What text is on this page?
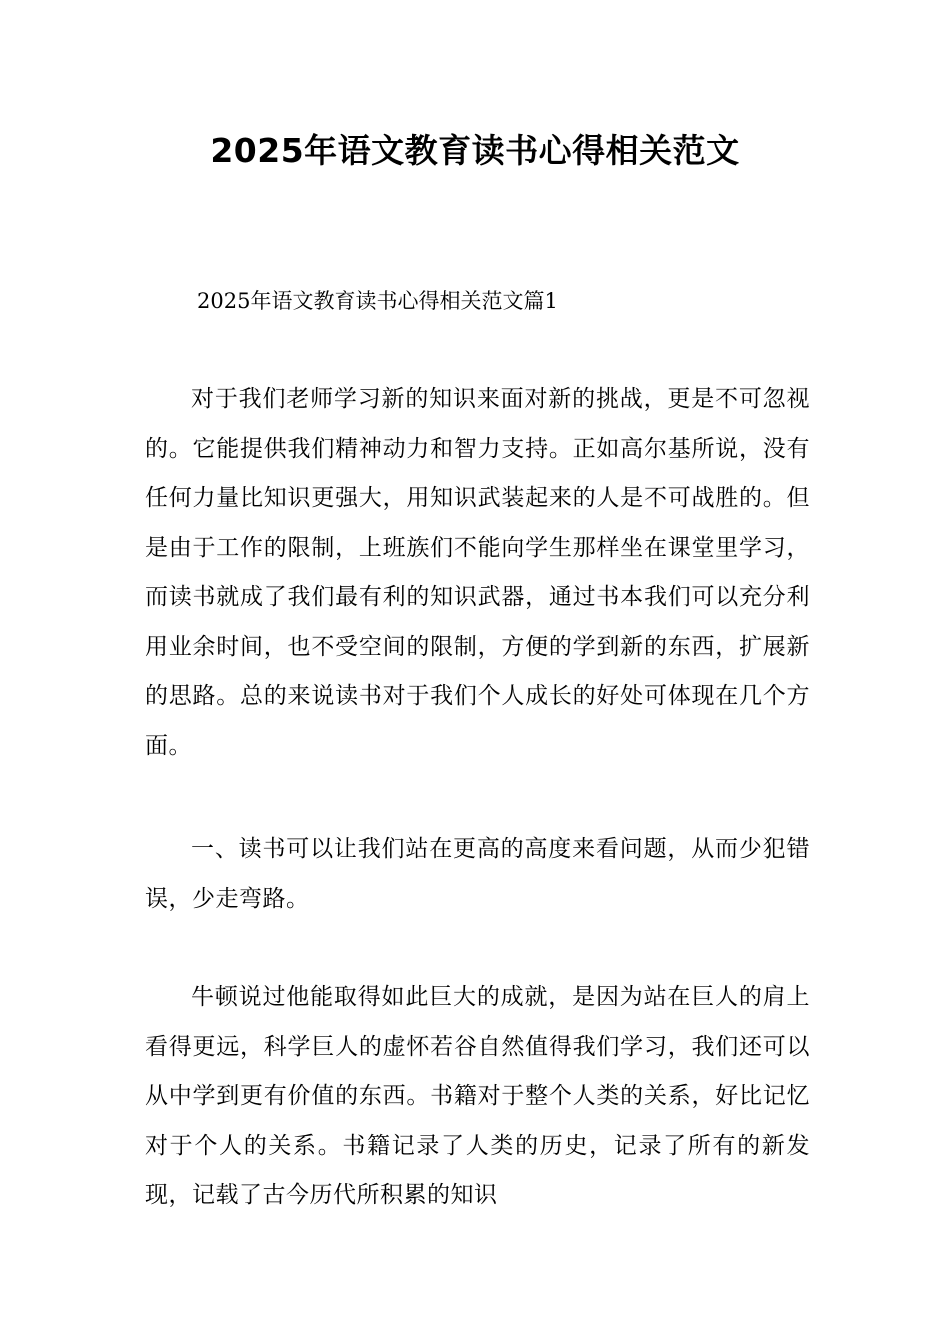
2025年语文教育读书心得相关范文
2025年语文教育读书心得相关范文篇1

对于我们老师学习新的知识来面对新的挑战，更是不可忽视的。它能提供我们精神动力和智力支持。正如高尔基所说，没有任何力量比知识更强大，用知识武装起来的人是不可战胜的。但是由于工作的限制，上班族们不能向学生那样坐在课堂里学习，而读书就成了我们最有利的知识武器，通过书本我们可以充分利用业余时间，也不受空间的限制，方便的学到新的东西，扩展新的思路。总的来说读书对于我们个人成长的好处可体现在几个方面。

一、读书可以让我们站在更高的高度来看问题，从而少犯错误，少走弯路。

牛顿说过他能取得如此巨大的成就，是因为站在巨人的肩上看得更远，科学巨人的虚怀若谷自然值得我们学习，我们还可以从中学到更有价值的东西。书籍对于整个人类的关系，好比记忆对于个人的关系。书籍记录了人类的历史，记录了所有的新发现，记载了古今历代所积累的知识
